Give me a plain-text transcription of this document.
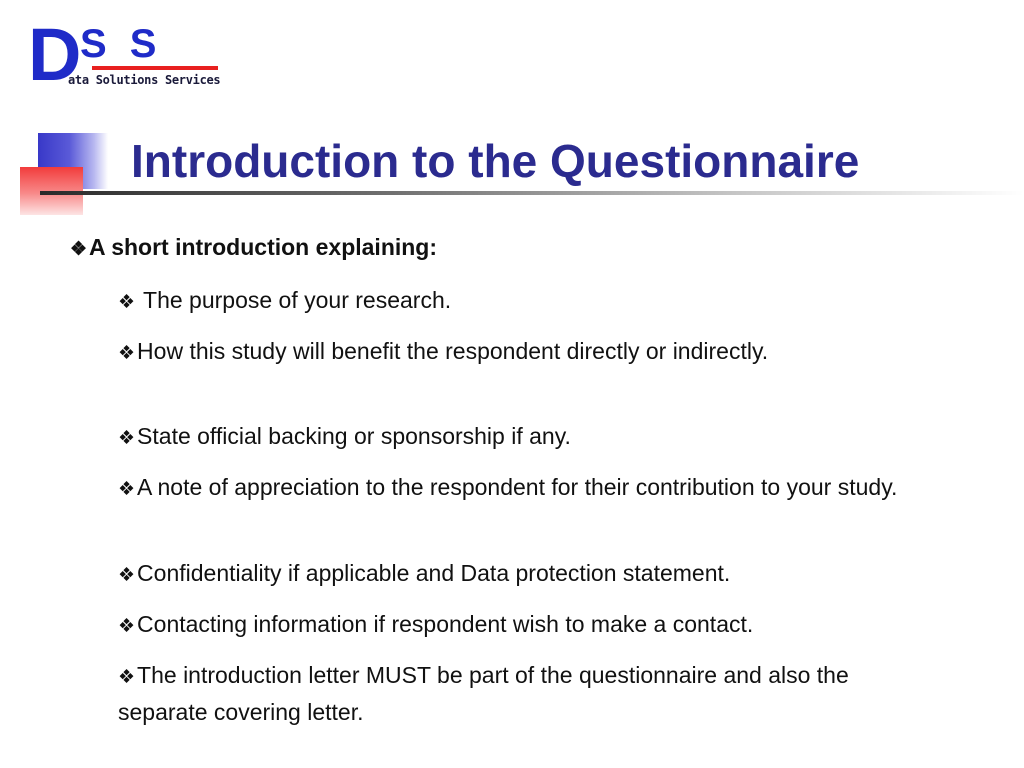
D
S S
ata Solutions Services
Introduction to the Questionnaire
❖A short introduction explaining:
❖ The purpose of your research.
❖How this study will benefit the respondent directly or indirectly.
❖State official backing or sponsorship if any.
❖A note of appreciation to the respondent for their contribution to your study.
❖Confidentiality if applicable and Data protection statement.
❖Contacting information if respondent wish to make a contact.
❖The introduction letter MUST be part of the questionnaire and also the separate covering letter.
